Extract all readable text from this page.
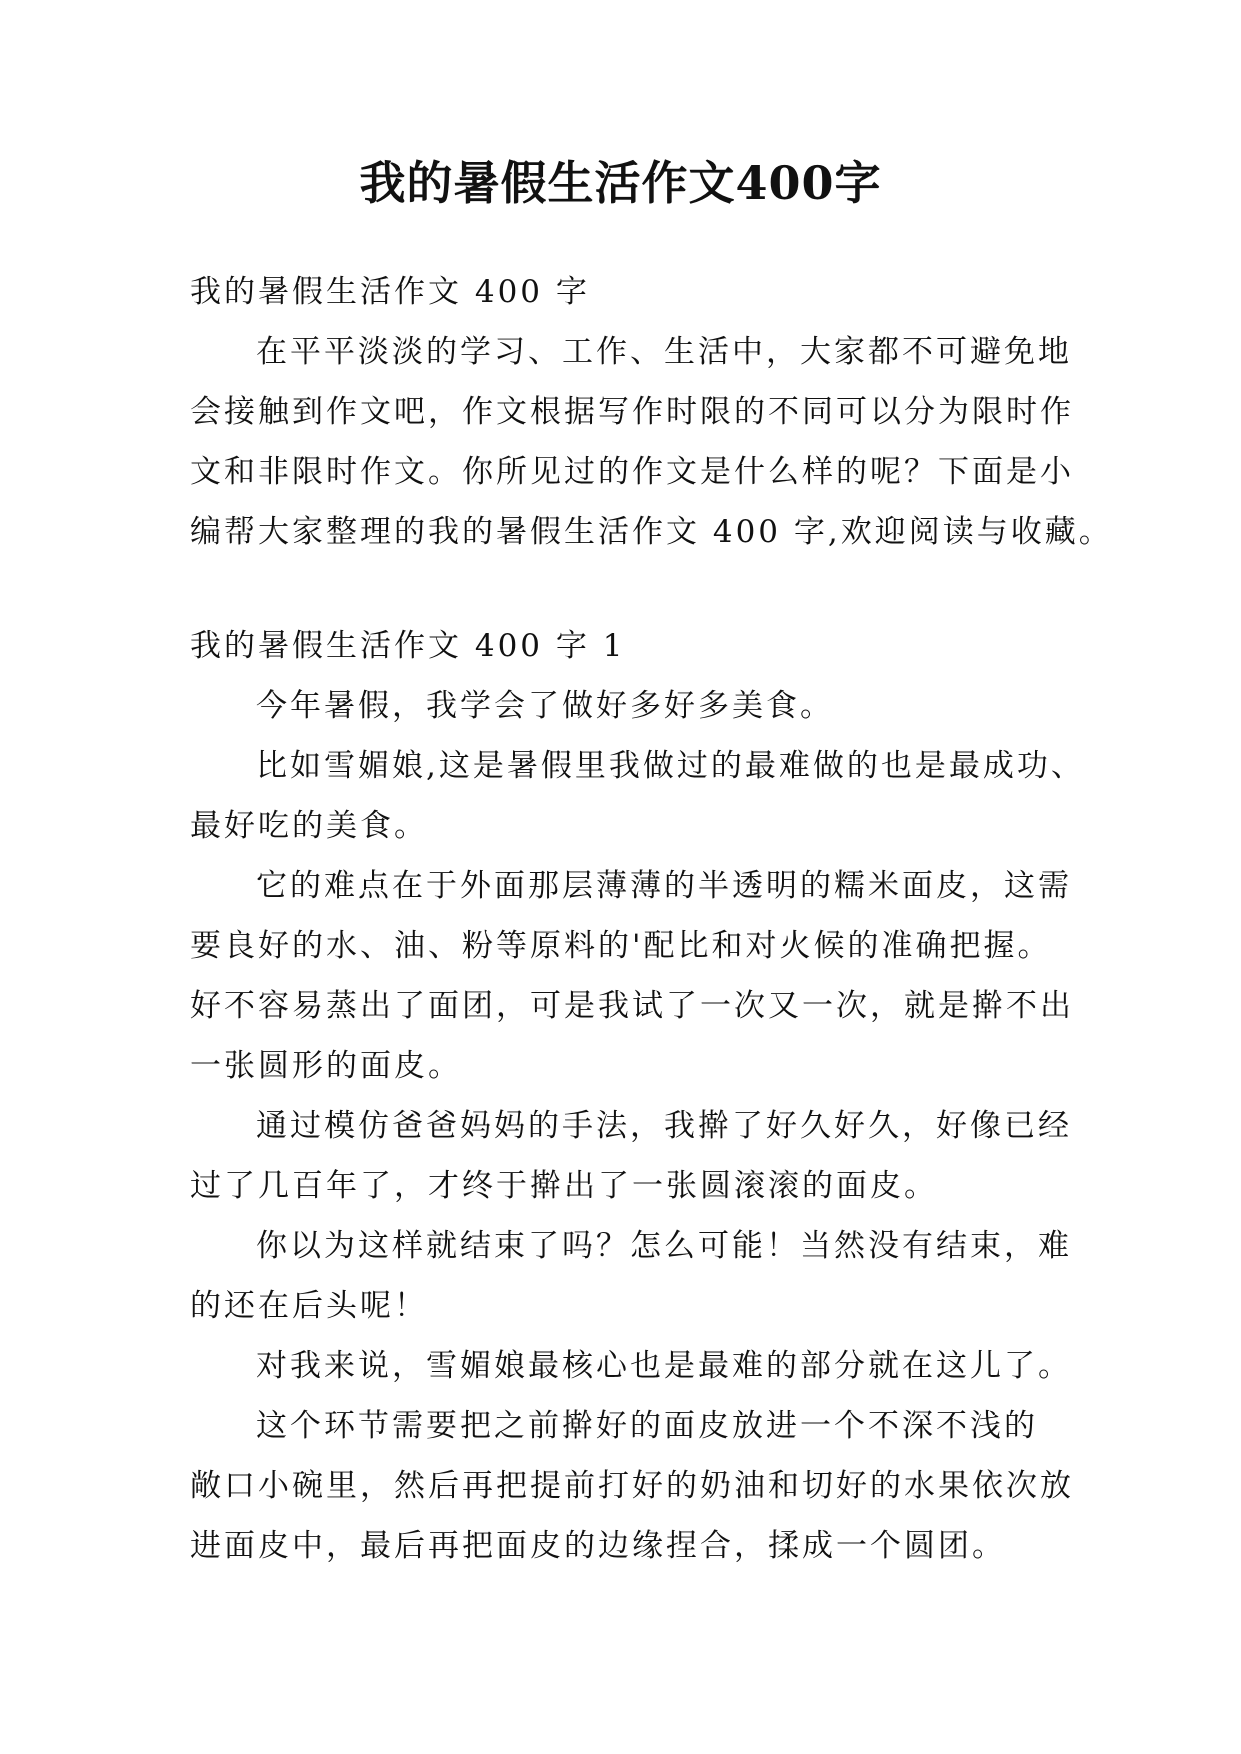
我的暑假生活作文400字
我的暑假生活作文 400 字
在平平淡淡的学习、工作、生活中，大家都不可避免地
会接触到作文吧，作文根据写作时限的不同可以分为限时作
文和非限时作文。你所见过的作文是什么样的呢？下面是小
编帮大家整理的我的暑假生活作文 400 字,欢迎阅读与收藏。
我的暑假生活作文 400 字 1
今年暑假，我学会了做好多好多美食。
比如雪媚娘,这是暑假里我做过的最难做的也是最成功、
最好吃的美食。
它的难点在于外面那层薄薄的半透明的糯米面皮，这需
要良好的水、油、粉等原料的'配比和对火候的准确把握。
好不容易蒸出了面团，可是我试了一次又一次，就是擀不出
一张圆形的面皮。
通过模仿爸爸妈妈的手法，我擀了好久好久，好像已经
过了几百年了，才终于擀出了一张圆滚滚的面皮。
你以为这样就结束了吗？怎么可能！当然没有结束，难
的还在后头呢！
对我来说，雪媚娘最核心也是最难的部分就在这儿了。
这个环节需要把之前擀好的面皮放进一个不深不浅的
敞口小碗里，然后再把提前打好的奶油和切好的水果依次放
进面皮中，最后再把面皮的边缘捏合，揉成一个圆团。
